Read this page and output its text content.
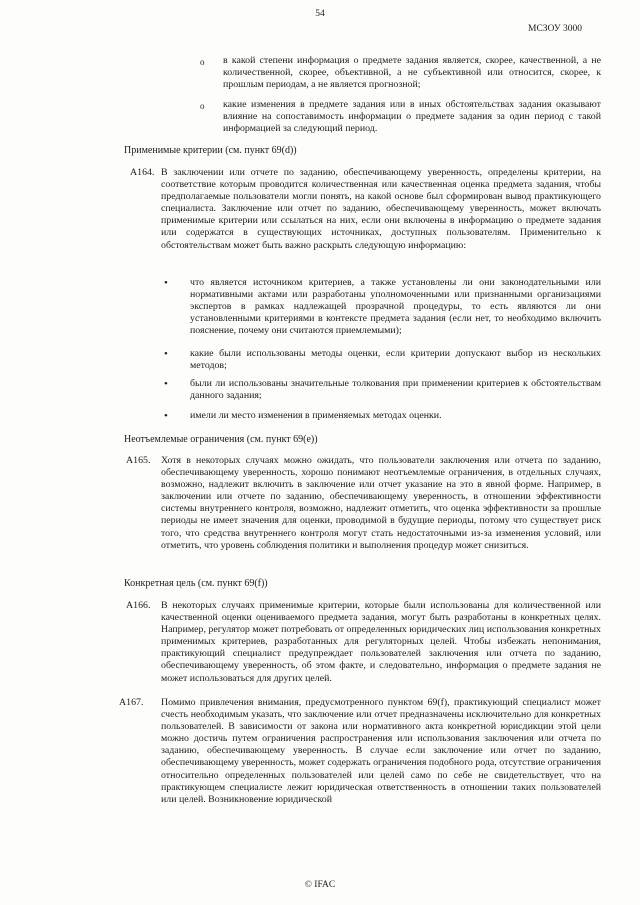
54
МСЗОУ 3000
o	в какой степени информация о предмете задания является, скорее, качественной, а не количественной, скорее, объективной, а не субъективной или относится, скорее, к прошлым периодам, а не является прогнозной;
o	какие изменения в предмете задания или в иных обстоятельствах задания оказывают влияние на сопоставимость информации о предмете задания за один период с такой информацией за следующий период.
Применимые критерии (см. пункт 69(d))
A164. В заключении или отчете по заданию, обеспечивающему уверенность, определены критерии, на соответствие которым проводится количественная или качественная оценка предмета задания, чтобы предполагаемые пользователи могли понять, на какой основе был сформирован вывод практикующего специалиста. Заключение или отчет по заданию, обеспечивающему уверенность, может включать применимые критерии или ссылаться на них, если они включены в информацию о предмете задания или содержатся в существующих источниках, доступных пользователям. Применительно к обстоятельствам может быть важно раскрыть следующую информацию:
• что является источником критериев, а также установлены ли они законодательными или нормативными актами или разработаны уполномоченными или признанными организациями экспертов в рамках надлежащей прозрачной процедуры, то есть являются ли они установленными критериями в контексте предмета задания (если нет, то необходимо включить пояснение, почему они считаются приемлемыми);
• какие были использованы методы оценки, если критерии допускают выбор из нескольких методов;
• были ли использованы значительные толкования при применении критериев к обстоятельствам данного задания;
• имели ли место изменения в применяемых методах оценки.
Неотъемлемые ограничения (см. пункт 69(e))
A165.	Хотя в некоторых случаях можно ожидать, что пользователи заключения или отчета по заданию, обеспечивающему уверенность, хорошо понимают неотъемлемые ограничения, в отдельных случаях, возможно, надлежит включить в заключение или отчет указание на это в явной форме. Например, в заключении или отчете по заданию, обеспечивающему уверенность, в отношении эффективности системы внутреннего контроля, возможно, надлежит отметить, что оценка эффективности за прошлые периоды не имеет значения для оценки, проводимой в будущие периоды, потому что существует риск того, что средства внутреннего контроля могут стать недостаточными из-за изменения условий, или отметить, что уровень соблюдения политики и выполнения процедур может снизиться.
Конкретная цель (см. пункт 69(f))
A166.	В некоторых случаях применимые критерии, которые были использованы для количественной или качественной оценки оцениваемого предмета задания, могут быть разработаны в конкретных целях. Например, регулятор может потребовать от определенных юридических лиц использования конкретных применимых критериев, разработанных для регуляторных целей. Чтобы избежать непонимания, практикующий специалист предупреждает пользователей заключения или отчета по заданию, обеспечивающему уверенность, об этом факте, и следовательно, информация о предмете задания не может использоваться для других целей.
A167.	Помимо привлечения внимания, предусмотренного пунктом 69(f), практикующий специалист может счесть необходимым указать, что заключение или отчет предназначены исключительно для конкретных пользователей. В зависимости от закона или нормативного акта конкретной юрисдикции этой цели можно достичь путем ограничения распространения или использования заключения или отчета по заданию, обеспечивающему уверенность. В случае если заключение или отчет по заданию, обеспечивающему уверенность, может содержать ограничения подобного рода, отсутствие ограничения относительно определенных пользователей или целей само по себе не свидетельствует, что на практикующем специалисте лежит юридическая ответственность в отношении таких пользователей или целей. Возникновение юридической
© IFAC
